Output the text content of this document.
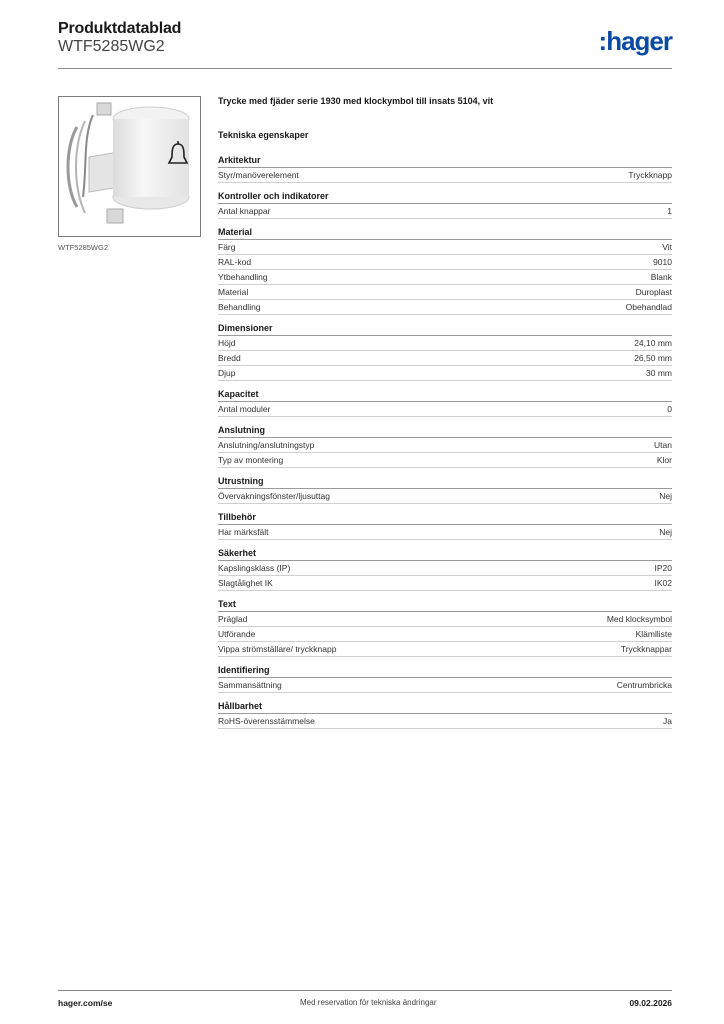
Produktdatablad
WTF5285WG2	:hager
WTF5285WG2
Trycke med fjäder serie 1930 med klockymbol till insats 5104, vit
Tekniska egenskaper
Arkitektur
Styr/manöverelement	Tryckknapp
Kontroller och indikatorer
Antal knappar	1
Material
Färg	Vit
RAL-kod	9010
Ytbehandling	Blank
Material	Duroplast
Behandling	Obehandlad
Dimensioner
Höjd	24,10 mm
Bredd	26,50 mm
Djup	30 mm
Kapacitet
Antal moduler	0
Anslutning
Anslutning/anslutningstyp	Utan
Typ av montering	Klor
Utrustning
Övervakningsfönster/ljusuttag	Nej
Tillbehör
Har märksfält	Nej
Säkerhet
Kapslingsklass (IP)	IP20
Slagtålighet IK	IK02
Text
Präglad	Med klocksymbol
Utförande	Klämlliste
Vippa strömställare/ tryckknapp	Tryckknappar
Identifiering
Sammansättning	Centrumbricka
Hållbarhet
RoHS-överensstämmelse	Ja
hager.com/se	Med reservation för tekniska ändringar	09.02.2026
